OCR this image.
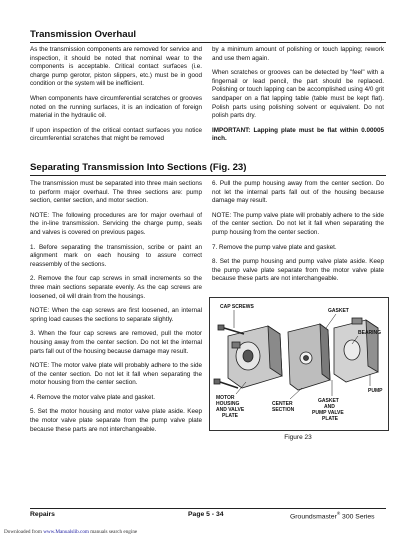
Transmission Overhaul

As the transmission components are removed for service and inspection, it should be noted that nominal wear to the components is acceptable. Critical contact surfaces (i.e. charge pump gerotor, piston slippers, etc.) must be in good condition or the system will be inefficient.

When components have circumferential scratches or grooves noted on the running surfaces, it is an indication of foreign material in the hydraulic oil.

If upon inspection of the critical contact surfaces you notice circumferential scratches that might be removed

by a minimum amount of polishing or touch lapping; rework and use them again.

When scratches or grooves can be detected by "feel" with a fingernail or lead pencil, the part should be replaced. Polishing or touch lapping can be accomplished using 4/0 grit sandpaper on a flat lapping table (table must be kept flat). Polish parts using polishing solvent or equivalent. Do not polish parts dry.

IMPORTANT: Lapping plate must be flat within 0.00005 inch.

Separating Transmission Into Sections (Fig. 23)

The transmission must be separated into three main sections to perform major overhaul. The three sections are: pump section, center section, and motor section.

NOTE: The following procedures are for major overhaul of the in-line transmission. Servicing the charge pump, seals and valves is covered on previous pages.

1. Before separating the transmission, scribe or paint an alignment mark on each housing to assure correct reassembly of the sections.

2. Remove the four cap screws in small increments so the three main sections separate evenly. As the cap screws are loosened, oil will drain from the housings.

NOTE: When the cap screws are first loosened, an internal spring load causes the sections to separate slightly.

3. When the four cap screws are removed, pull the motor housing away from the center section. Do not let the internal parts fall out of the housing because damage may result.

NOTE: The motor valve plate will probably adhere to the side of the center section. Do not let it fall when separating the motor housing from the center section.

4. Remove the motor valve plate and gasket.

5. Set the motor housing and motor valve plate aside. Keep the motor valve plate separate from the pump valve plate because these parts are not interchangeable.

6. Pull the pump housing away from the center section. Do not let the internal parts fall out of the housing because damage may result.

NOTE: The pump valve plate will probably adhere to the side of the center section. Do not let it fall when separating the pump housing from the center section.

7. Remove the pump valve plate and gasket.

8. Set the pump housing and pump valve plate aside. Keep the pump valve plate separate from the motor valve plate because these parts are not interchangeable.

CAP SCREWS
GASKET
BEARING
MOTOR
HOUSING
AND VALVE
PLATE
PUMP
CENTER
SECTION
GASKET
AND
PUMP VALVE
PLATE
Figure 23
Repairs	Page 5 - 34	Groundsmaster® 300 Series
Downloaded from www.Manualslib.com manuals search engine
